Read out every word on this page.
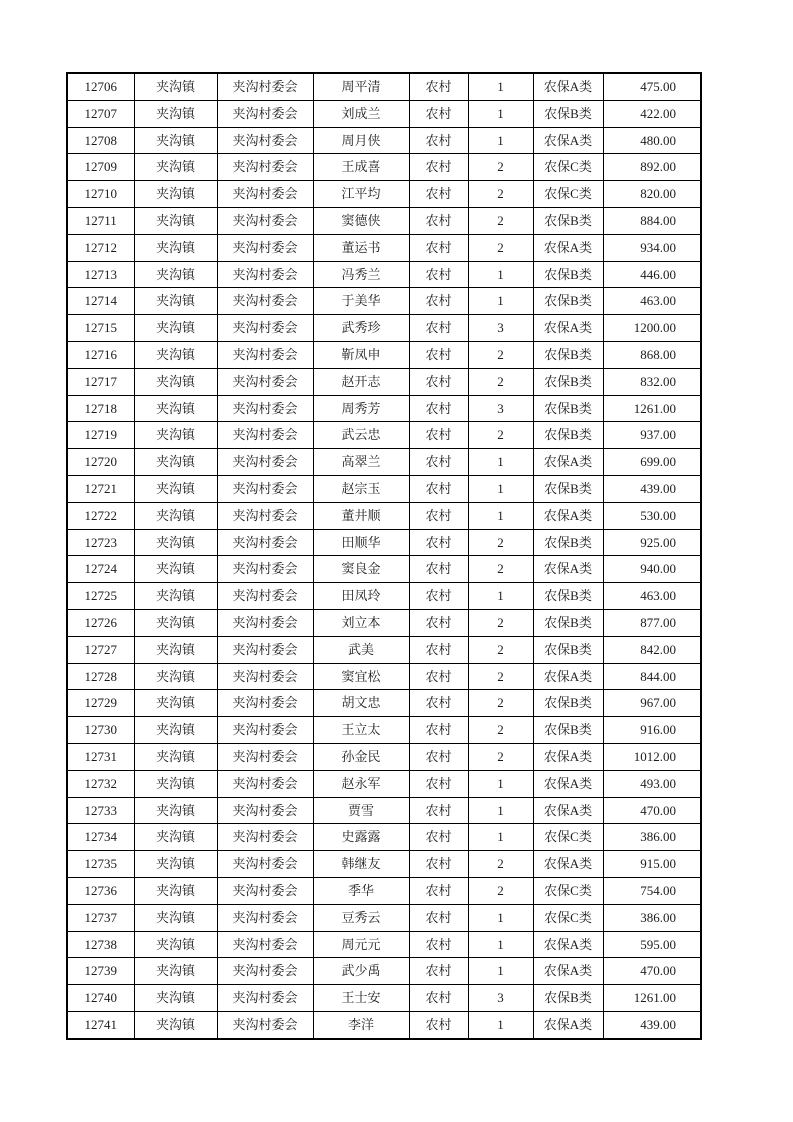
12706	夹沟镇	夹沟村委会	周平清	农村	1	农保A类	475.00
12707	夹沟镇	夹沟村委会	刘成兰	农村	1	农保B类	422.00
12708	夹沟镇	夹沟村委会	周月侠	农村	1	农保A类	480.00
12709	夹沟镇	夹沟村委会	王成喜	农村	2	农保C类	892.00
12710	夹沟镇	夹沟村委会	江平均	农村	2	农保C类	820.00
12711	夹沟镇	夹沟村委会	窦德侠	农村	2	农保B类	884.00
12712	夹沟镇	夹沟村委会	董运书	农村	2	农保A类	934.00
12713	夹沟镇	夹沟村委会	冯秀兰	农村	1	农保B类	446.00
12714	夹沟镇	夹沟村委会	于美华	农村	1	农保B类	463.00
12715	夹沟镇	夹沟村委会	武秀珍	农村	3	农保A类	1200.00
12716	夹沟镇	夹沟村委会	靳凤申	农村	2	农保B类	868.00
12717	夹沟镇	夹沟村委会	赵开志	农村	2	农保B类	832.00
12718	夹沟镇	夹沟村委会	周秀芳	农村	3	农保B类	1261.00
12719	夹沟镇	夹沟村委会	武云忠	农村	2	农保B类	937.00
12720	夹沟镇	夹沟村委会	高翠兰	农村	1	农保A类	699.00
12721	夹沟镇	夹沟村委会	赵宗玉	农村	1	农保B类	439.00
12722	夹沟镇	夹沟村委会	董井顺	农村	1	农保A类	530.00
12723	夹沟镇	夹沟村委会	田顺华	农村	2	农保B类	925.00
12724	夹沟镇	夹沟村委会	窦良金	农村	2	农保A类	940.00
12725	夹沟镇	夹沟村委会	田凤玲	农村	1	农保B类	463.00
12726	夹沟镇	夹沟村委会	刘立本	农村	2	农保B类	877.00
12727	夹沟镇	夹沟村委会	武美	农村	2	农保B类	842.00
12728	夹沟镇	夹沟村委会	窦宜松	农村	2	农保A类	844.00
12729	夹沟镇	夹沟村委会	胡文忠	农村	2	农保B类	967.00
12730	夹沟镇	夹沟村委会	王立太	农村	2	农保B类	916.00
12731	夹沟镇	夹沟村委会	孙金民	农村	2	农保A类	1012.00
12732	夹沟镇	夹沟村委会	赵永军	农村	1	农保A类	493.00
12733	夹沟镇	夹沟村委会	贾雪	农村	1	农保A类	470.00
12734	夹沟镇	夹沟村委会	史露露	农村	1	农保C类	386.00
12735	夹沟镇	夹沟村委会	韩继友	农村	2	农保A类	915.00
12736	夹沟镇	夹沟村委会	季华	农村	2	农保C类	754.00
12737	夹沟镇	夹沟村委会	豆秀云	农村	1	农保C类	386.00
12738	夹沟镇	夹沟村委会	周元元	农村	1	农保A类	595.00
12739	夹沟镇	夹沟村委会	武少禹	农村	1	农保A类	470.00
12740	夹沟镇	夹沟村委会	王士安	农村	3	农保B类	1261.00
12741	夹沟镇	夹沟村委会	李洋	农村	1	农保A类	439.00
